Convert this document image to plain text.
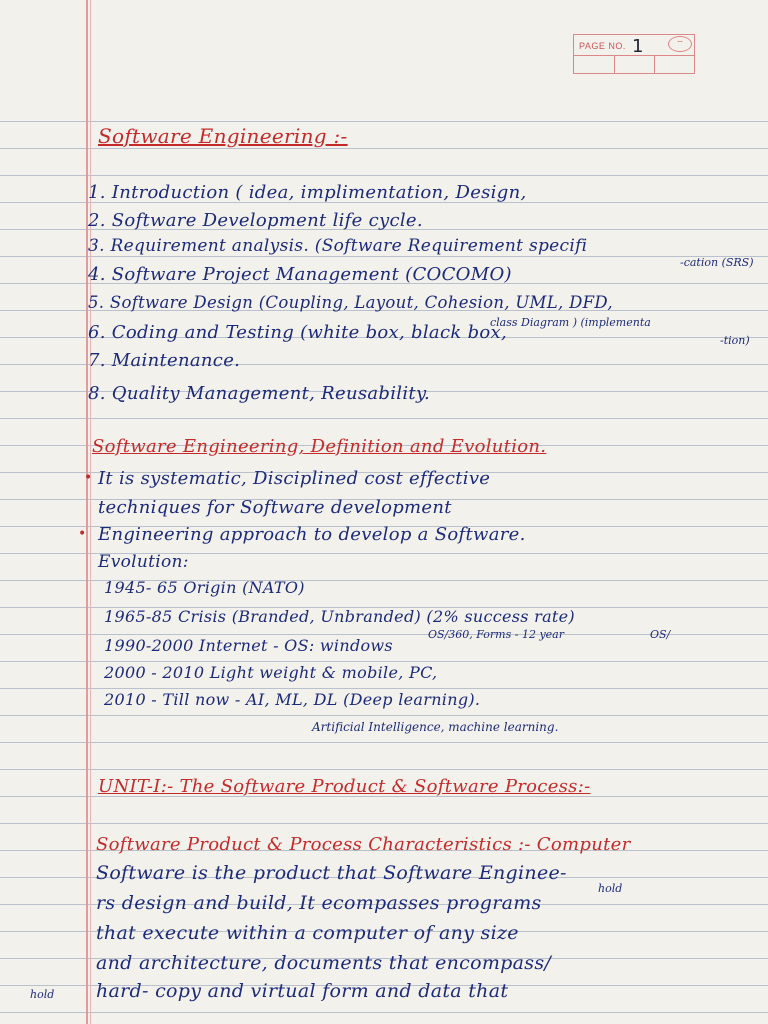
PAGE NO. 1	⌔
Software Engineering :-
1. Introduction ( idea, implimentation, Design,
2. Software Development life cycle.
3. Requirement analysis. (Software Requirement specifi
-cation (SRS)
4. Software Project Management (COCOMO)
5. Software Design (Coupling, Layout, Cohesion, UML, DFD,
class Diagram ) (implementa
6. Coding and Testing (white box, black box,	-tion)
7. Maintenance.
8. Quality Management, Reusability.
Software Engineering, Definition and Evolution.
• It is systematic, Disciplined cost effective
techniques for Software development
• Engineering approach to develop a Software.
Evolution:
1945- 65 Origin (NATO)
1965-85 Crisis (Branded, Unbranded) (2% success rate)
OS/360, Forms - 12 year	OS/
1990-2000 Internet - OS: windows
2000 - 2010 Light weight & mobile, PC,
2010 - Till now - AI, ML, DL (Deep learning).
Artificial Intelligence, machine learning.
UNIT-I:- The Software Product & Software Process:-
Software Product & Process Characteristics :- Computer
Software is the product that Software Enginee-
hold
rs design and build, It ecompasses programs
that execute within a computer of any size
and architecture, documents that encompass/
hold hard- copy and virtual form and data that
